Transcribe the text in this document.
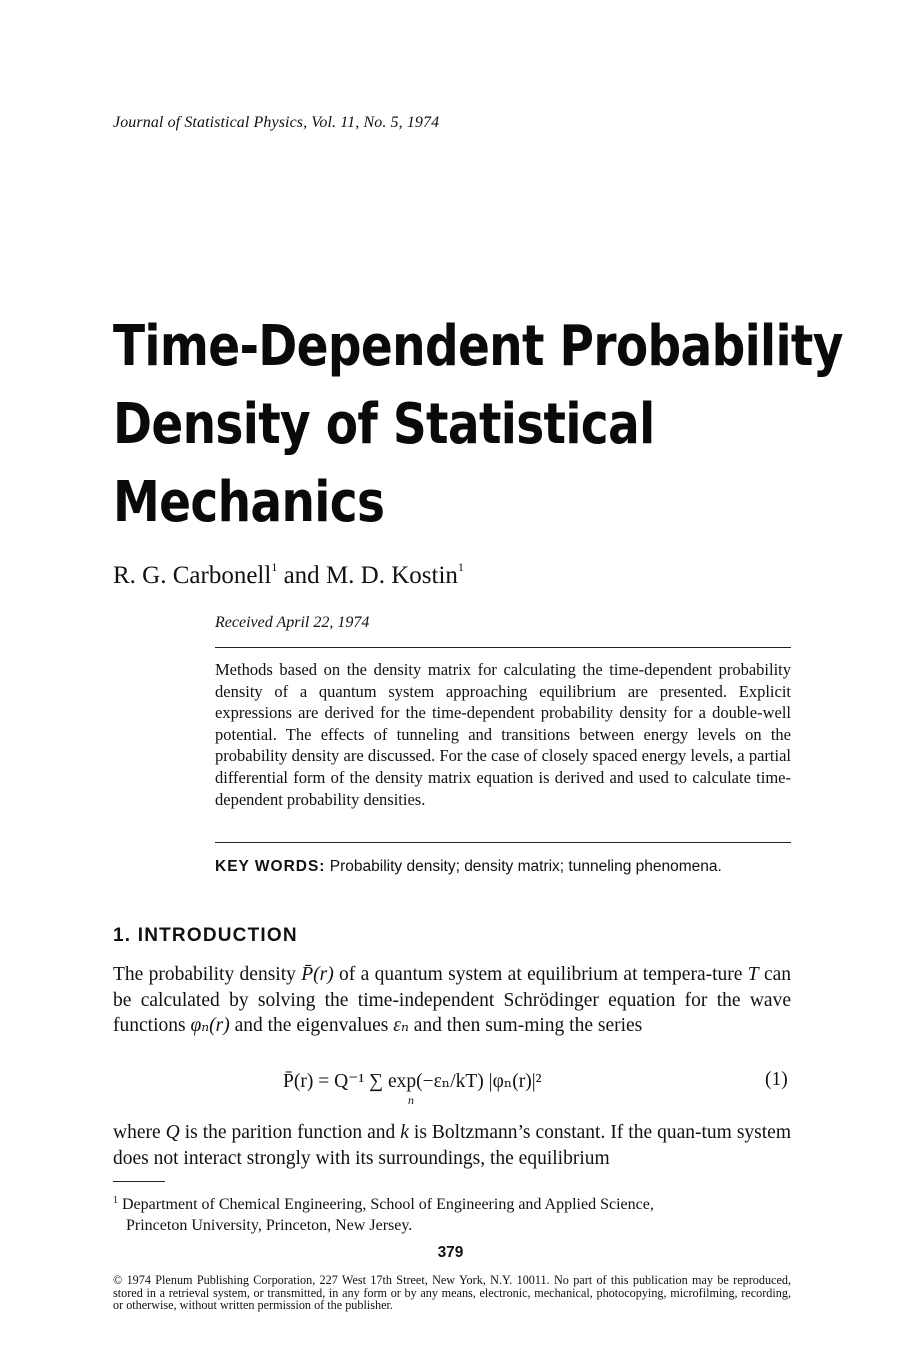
Journal of Statistical Physics, Vol. 11, No. 5, 1974
Time-Dependent Probability
Density of Statistical
Mechanics
R. G. Carbonell$^1$ and M. D. Kostin$^1$
Received April 22, 1974
Methods based on the density matrix for calculating the time-dependent probability density of a quantum system approaching equilibrium are presented. Explicit expressions are derived for the time-dependent probability density for a double-well potential. The effects of tunneling and transitions between energy levels on the probability density are discussed. For the case of closely spaced energy levels, a partial differential form of the density matrix equation is derived and used to calculate time-dependent probability densities.
KEY WORDS: Probability density; density matrix; tunneling phenomena.
1. INTRODUCTION
The probability density P̄(r) of a quantum system at equilibrium at tempera-ture T can be calculated by solving the time-independent Schrödinger equation for the wave functions φₙ(r) and the eigenvalues εₙ and then sum-ming the series
P̄(r) = Q⁻¹ ∑ exp(−εₙ/kT) |φₙ(r)|²
n
(1)
where Q is the parition function and k is Boltzmann’s constant. If the quan-tum system does not interact strongly with its surroundings, the equilibrium
$^1$ Department of Chemical Engineering, School of Engineering and Applied Science,
Princeton University, Princeton, New Jersey.
379
© 1974 Plenum Publishing Corporation, 227 West 17th Street, New York, N.Y. 10011. No part of this publication may be reproduced, stored in a retrieval system, or transmitted, in any form or by any means, electronic, mechanical, photocopying, microfilming, recording, or otherwise, without written permission of the publisher.
